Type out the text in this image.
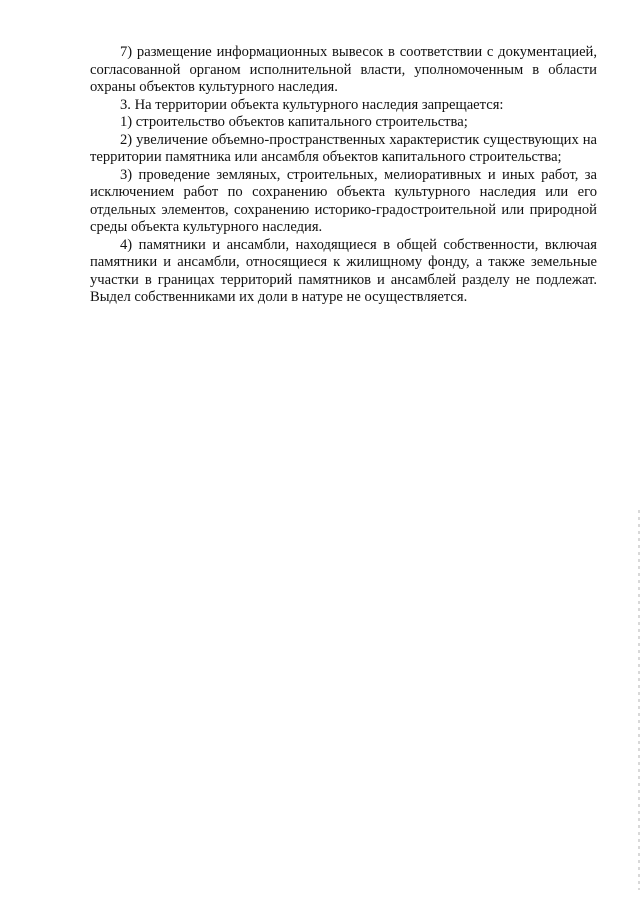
7) размещение информационных вывесок в соответствии с документацией, согласованной органом исполнительной власти, уполномоченным в области охраны объектов культурного наследия.

3. На территории объекта культурного наследия запрещается:

1) строительство объектов капитального строительства;

2) увеличение объемно-пространственных характеристик существующих на территории памятника или ансамбля объектов капитального строительства;

3) проведение земляных, строительных, мелиоративных и иных работ, за исключением работ по сохранению объекта культурного наследия или его отдельных элементов, сохранению историко-градостроительной или природной среды объекта культурного наследия.

4) памятники и ансамбли, находящиеся в общей собственности, включая памятники и ансамбли, относящиеся к жилищному фонду, а также земельные участки в границах территорий памятников и ансамблей разделу не подлежат. Выдел собственниками их доли в натуре не осуществляется.
